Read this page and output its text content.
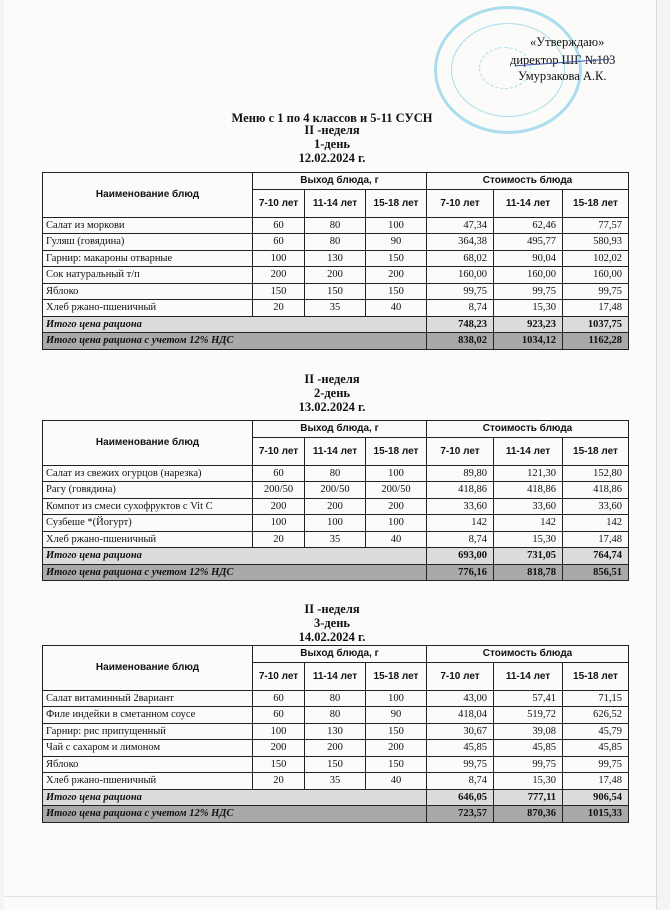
«Утверждаю»
директор ШГ №103
Умурзакова А.К.
Меню с 1 по 4 классов и 5-11 СУСН
II -неделя
1-день
12.02.2024 г.
Наименование блюд	Выход блюда, г			Стоимость блюда		
	7-10 лет	11-14 лет	15-18 лет	7-10 лет	11-14 лет	15-18 лет
Салат из моркови	60	80	100	47,34	62,46	77,57
Гуляш (говядина)	60	80	90	364,38	495,77	580,93
Гарнир: макароны отварные	100	130	150	68,02	90,04	102,02
Сок натуральный т/п	200	200	200	160,00	160,00	160,00
Яблоко	150	150	150	99,75	99,75	99,75
Хлеб ржано-пшеничный	20	35	40	8,74	15,30	17,48
Итого цена рациона				748,23	923,23	1037,75
Итого цена рациона с учетом 12% НДС				838,02	1034,12	1162,28
II -неделя
2-день
13.02.2024 г.
Наименование блюд	Выход блюда, г			Стоимость блюда		
	7-10 лет	11-14 лет	15-18 лет	7-10 лет	11-14 лет	15-18 лет
Салат из свежих огурцов (нарезка)	60	80	100	89,80	121,30	152,80
Рагу (говядина)	200/50	200/50	200/50	418,86	418,86	418,86
Компот из смеси сухофруктов с Vit C	200	200	200	33,60	33,60	33,60
Сузбеше *(Йогурт)	100	100	100	142	142	142
Хлеб ржано-пшеничный	20	35	40	8,74	15,30	17,48
Итого цена рациона				693,00	731,05	764,74
Итого цена рациона с учетом 12% НДС				776,16	818,78	856,51
II -неделя
3-день
14.02.2024 г.
Наименование блюд	Выход блюда, г			Стоимость блюда		
	7-10 лет	11-14 лет	15-18 лет	7-10 лет	11-14 лет	15-18 лет
Салат витаминный 2вариант	60	80	100	43,00	57,41	71,15
Филе индейки в сметанном соусе	60	80	90	418,04	519,72	626,52
Гарнир: рис припущенный	100	130	150	30,67	39,08	45,79
Чай с сахаром и лимоном	200	200	200	45,85	45,85	45,85
Яблоко	150	150	150	99,75	99,75	99,75
Хлеб ржано-пшеничный	20	35	40	8,74	15,30	17,48
Итого цена рациона				646,05	777,11	906,54
Итого цена рациона с учетом 12% НДС				723,57	870,36	1015,33
